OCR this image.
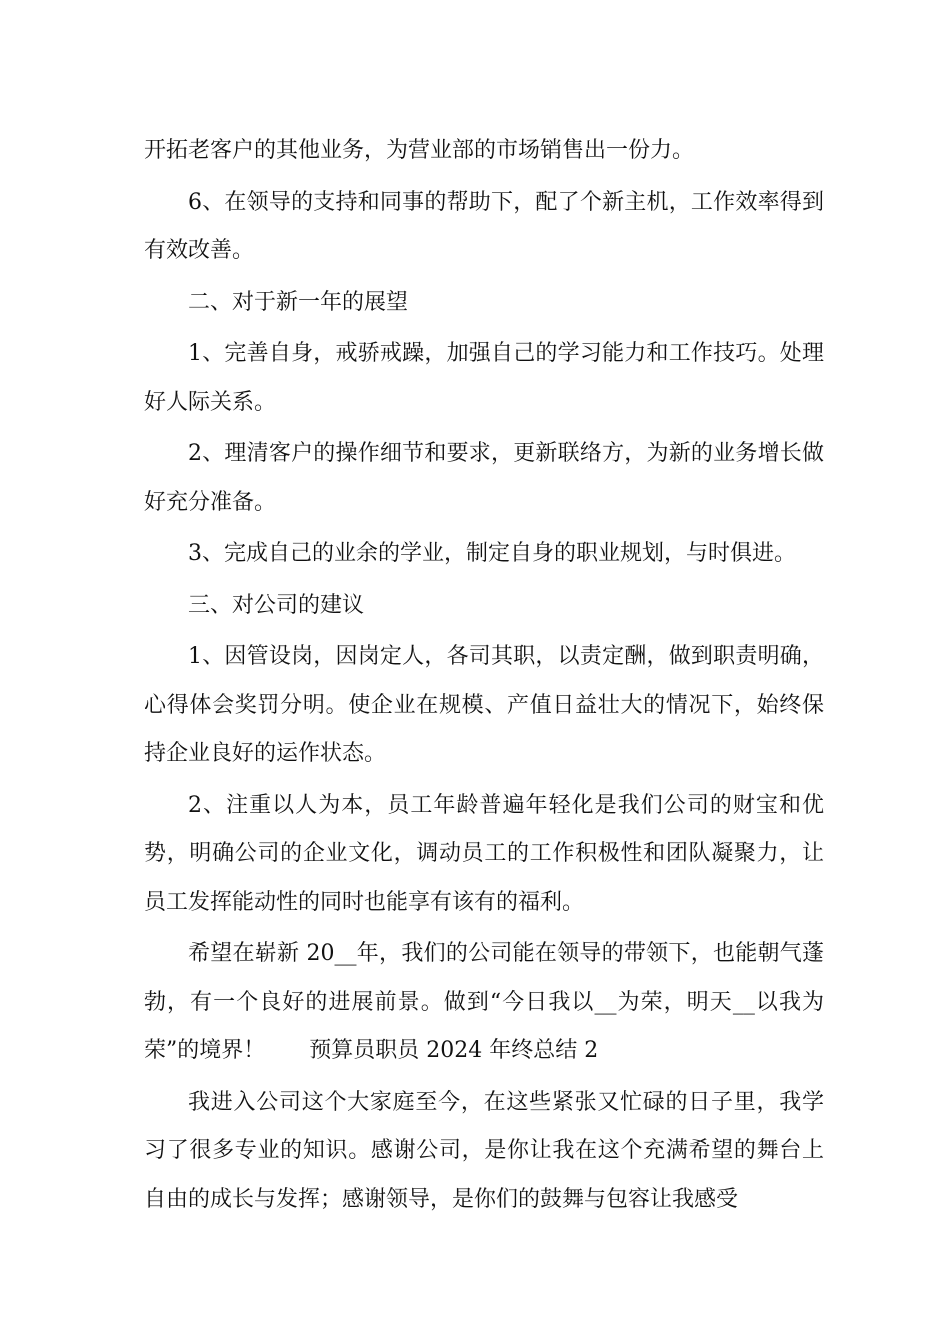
开拓老客户的其他业务，为营业部的市场销售出一份力。

6、在领导的支持和同事的帮助下，配了个新主机，工作效率得到有效改善。

二、对于新一年的展望

1、完善自身，戒骄戒躁，加强自己的学习能力和工作技巧。处理好人际关系。

2、理清客户的操作细节和要求，更新联络方，为新的业务增长做好充分准备。

3、完成自己的业余的学业，制定自身的职业规划，与时俱进。

三、对公司的建议

1、因管设岗，因岗定人，各司其职，以责定酬，做到职责明确，心得体会奖罚分明。使企业在规模、产值日益壮大的情况下，始终保持企业良好的运作状态。

2、注重以人为本，员工年龄普遍年轻化是我们公司的财宝和优势，明确公司的企业文化，调动员工的工作积极性和团队凝聚力，让员工发挥能动性的同时也能享有该有的福利。

希望在崭新 20__年，我们的公司能在领导的带领下，也能朝气蓬勃，有一个良好的进展前景。做到“今日我以__为荣，明天__以我为荣”的境界！ 预算员职员 2024 年终总结 2

我进入公司这个大家庭至今，在这些紧张又忙碌的日子里，我学习了很多专业的知识。感谢公司，是你让我在这个充满希望的舞台上自由的成长与发挥；感谢领导，是你们的鼓舞与包容让我感受
